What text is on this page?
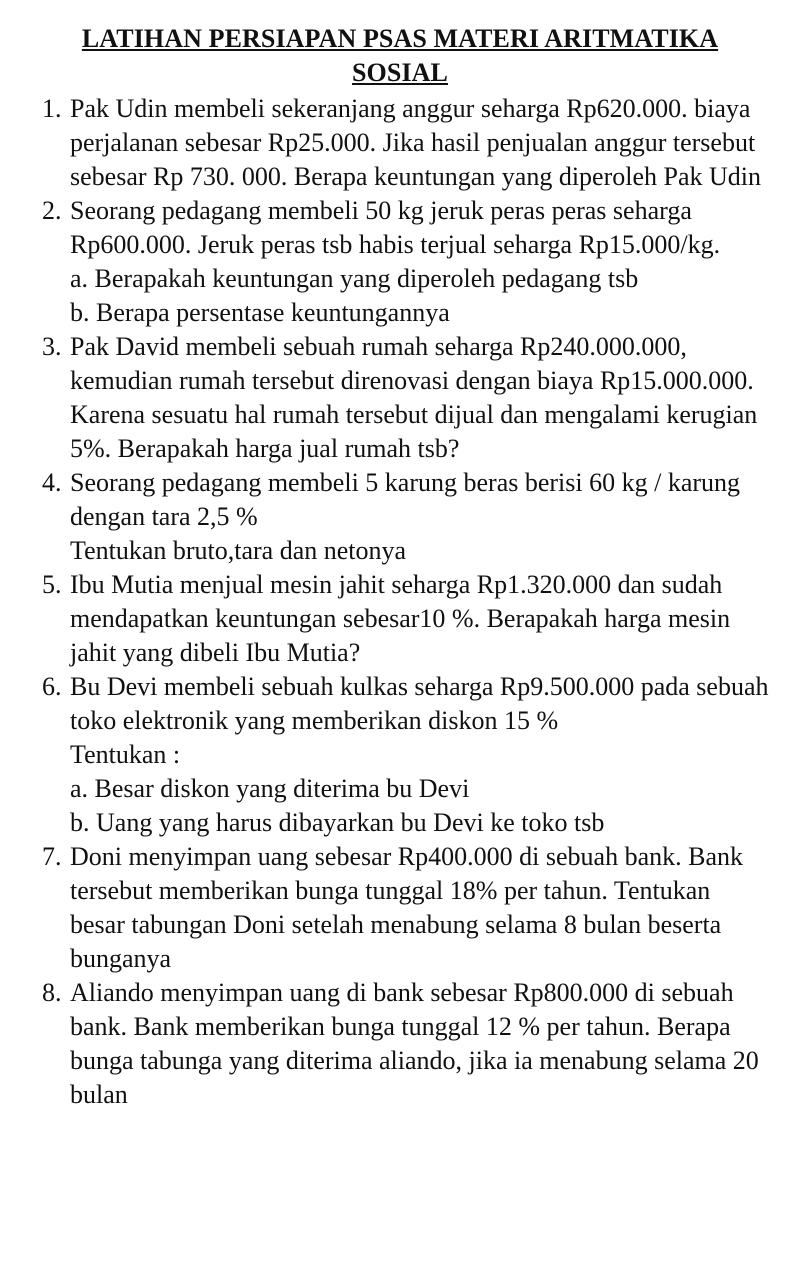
LATIHAN PERSIAPAN PSAS MATERI ARITMATIKA
SOSIAL
1. Pak Udin membeli sekeranjang anggur seharga Rp620.000. biaya perjalanan sebesar Rp25.000. Jika hasil penjualan anggur tersebut sebesar Rp 730. 000. Berapa keuntungan yang diperoleh Pak Udin
2. Seorang pedagang membeli 50 kg jeruk peras peras seharga Rp600.000. Jeruk peras tsb habis terjual seharga Rp15.000/kg.
a. Berapakah keuntungan yang diperoleh pedagang tsb
b. Berapa persentase keuntungannya
3. Pak David membeli sebuah rumah seharga Rp240.000.000, kemudian rumah tersebut direnovasi dengan biaya Rp15.000.000. Karena sesuatu hal rumah tersebut dijual dan mengalami kerugian 5%. Berapakah harga jual rumah tsb?
4. Seorang pedagang membeli 5 karung beras berisi 60 kg / karung dengan tara 2,5 %
Tentukan bruto,tara dan netonya
5. Ibu Mutia menjual mesin jahit seharga Rp1.320.000 dan sudah mendapatkan keuntungan sebesar10 %. Berapakah harga mesin jahit yang dibeli Ibu Mutia?
6. Bu Devi membeli sebuah kulkas seharga Rp9.500.000 pada sebuah toko elektronik yang memberikan diskon 15 %
Tentukan :
a. Besar diskon yang diterima bu Devi
b. Uang yang harus dibayarkan bu Devi ke toko tsb
7. Doni menyimpan uang sebesar Rp400.000 di sebuah bank. Bank tersebut memberikan bunga tunggal 18% per tahun. Tentukan besar tabungan Doni setelah menabung selama 8 bulan beserta bunganya
8. Aliando menyimpan uang di bank sebesar Rp800.000 di sebuah bank. Bank memberikan bunga tunggal 12 % per tahun. Berapa bunga tabunga yang diterima aliando, jika ia menabung selama 20 bulan
